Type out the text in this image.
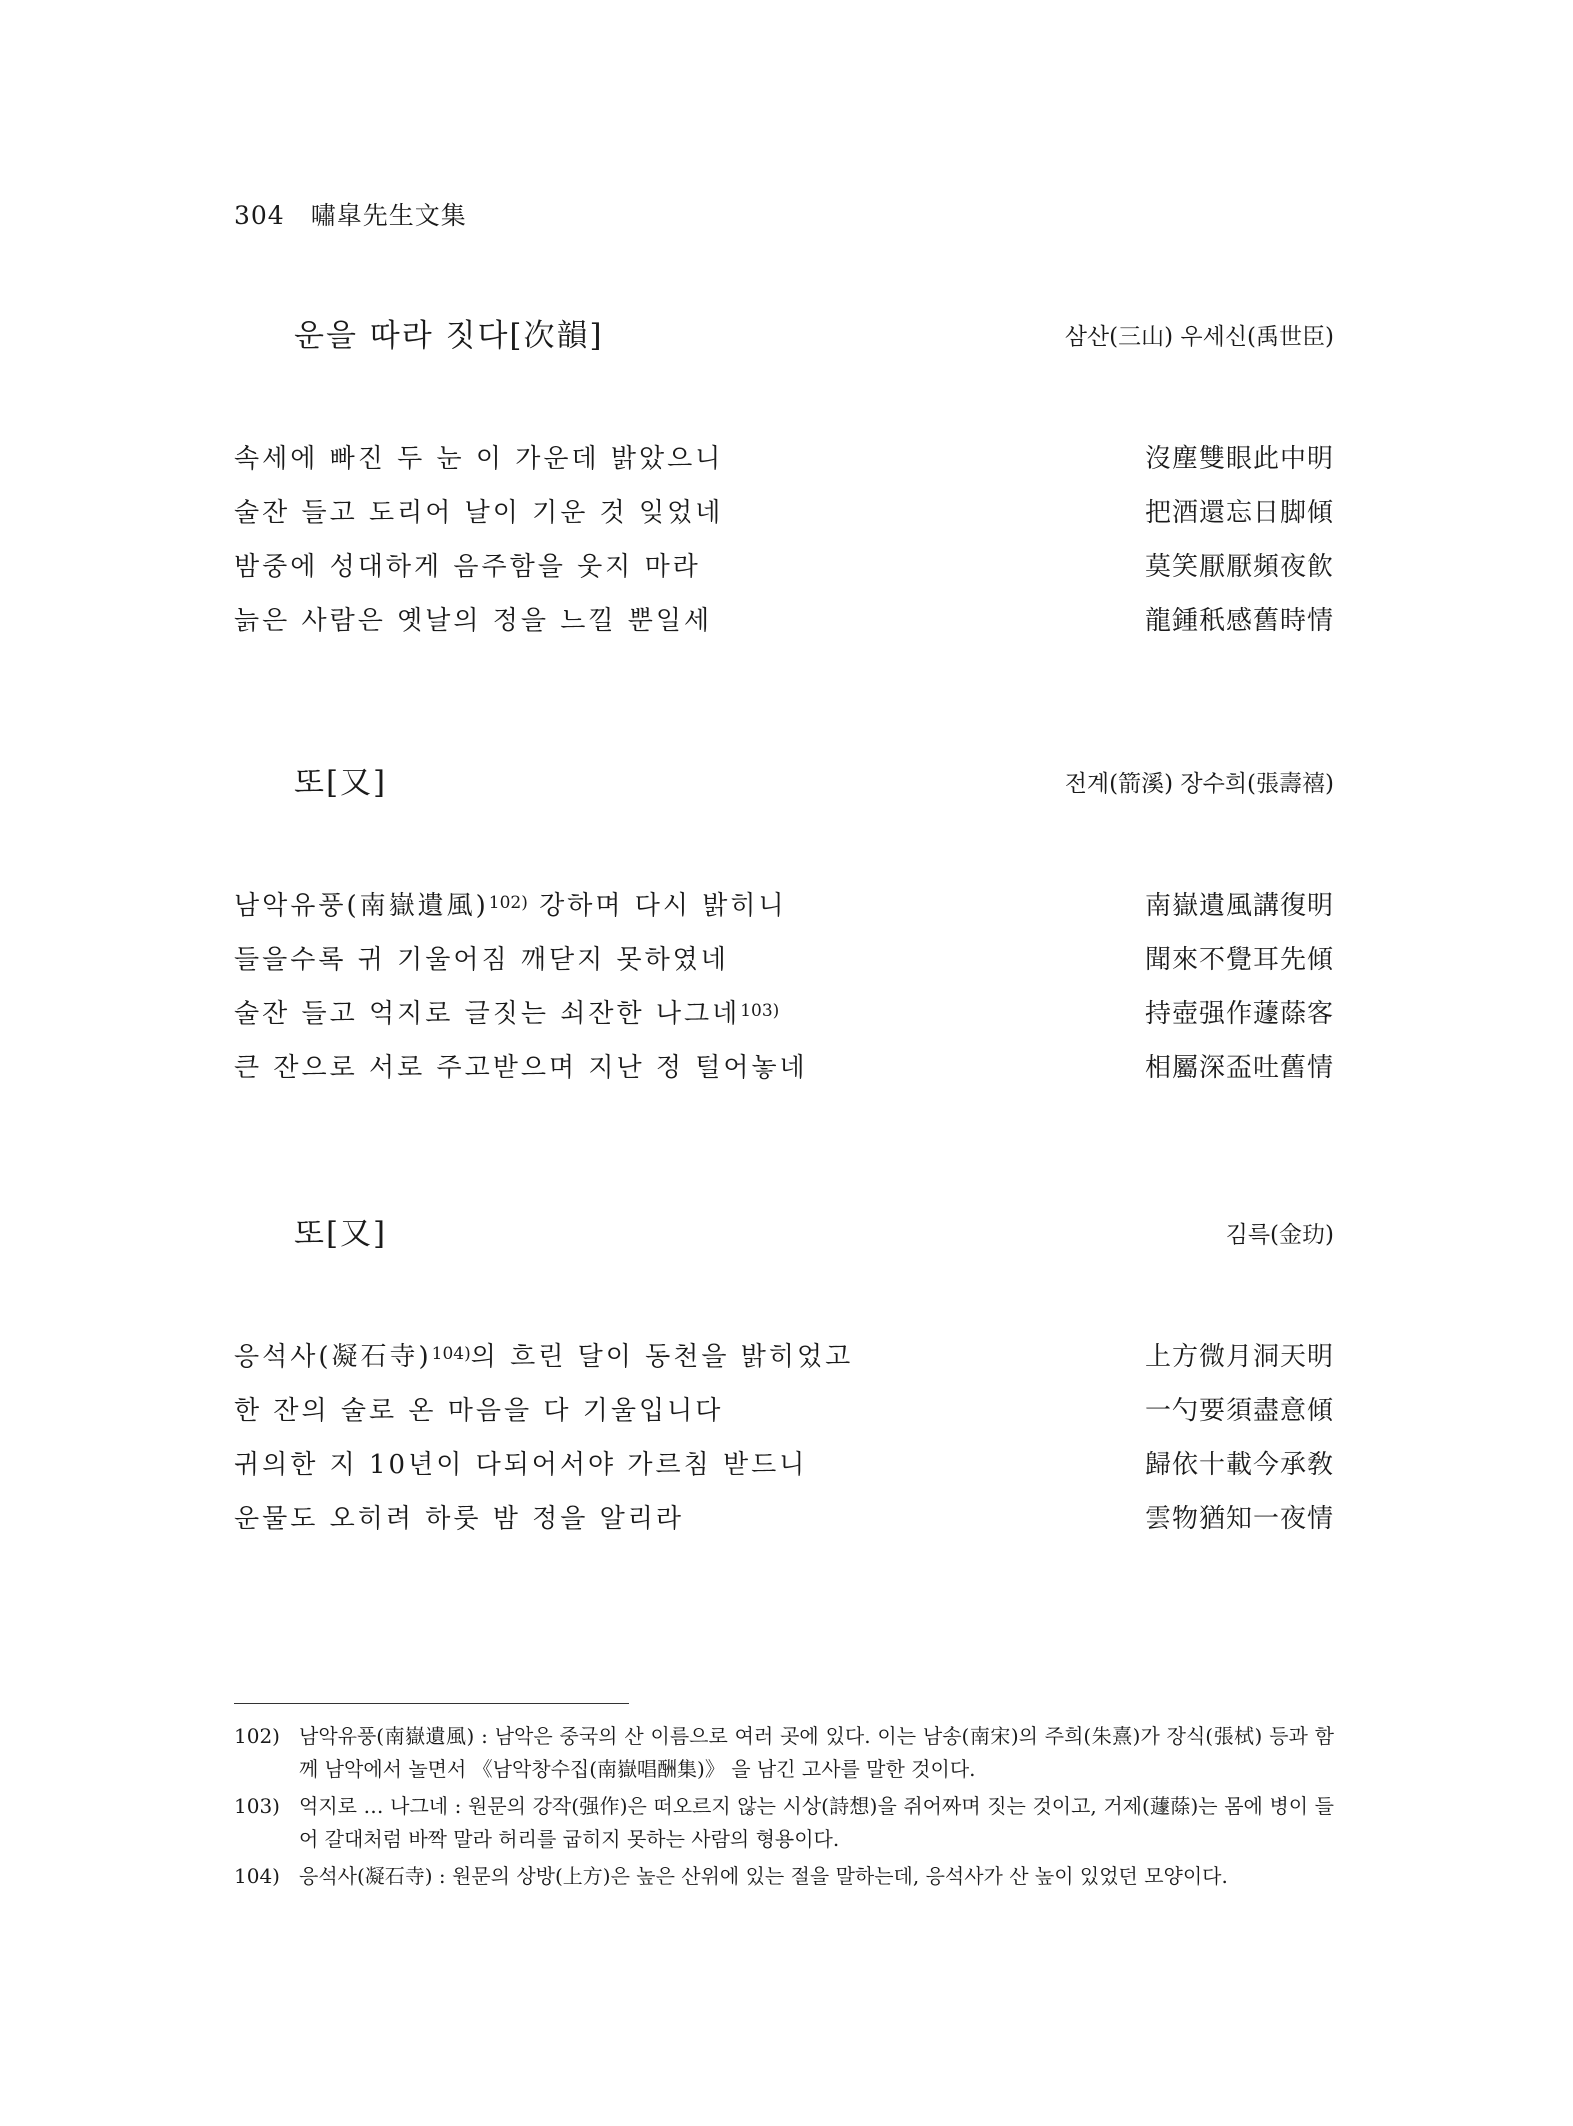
304 嘯皐先生文集
운을 따라 짓다[次韻]	삼산(三山) 우세신(禹世臣)
속세에 빠진 두 눈 이 가운데 밝았으니	沒塵雙眼此中明
술잔 들고 도리어 날이 기운 것 잊었네	把酒還忘日脚傾
밤중에 성대하게 음주함을 웃지 마라	莫笑厭厭頻夜飮
늙은 사람은 옛날의 정을 느낄 뿐일세	龍鍾秖感舊時情
또[又]	전계(箭溪) 장수희(張壽禧)
남악유풍(南嶽遺風)$^{102)}$ 강하며 다시 밝히니	南嶽遺風講復明
들을수록 귀 기울어짐 깨닫지 못하였네	聞來不覺耳先傾
술잔 들고 억지로 글짓는 쇠잔한 나그네$^{103)}$	持壺强作蘧蒢客
큰 잔으로 서로 주고받으며 지난 정 털어놓네	相屬深盃吐舊情
또[又]	김륵(金玏)
응석사(凝石寺)$^{104)}$의 흐린 달이 동천을 밝히었고	上方微月洞天明
한 잔의 술로 온 마음을 다 기울입니다	一勺要須盡意傾
귀의한 지 10년이 다되어서야 가르침 받드니	歸依十載今承敎
운물도 오히려 하룻 밤 정을 알리라	雲物猶知一夜情
102) 남악유풍(南嶽遺風) : 남악은 중국의 산 이름으로 여러 곳에 있다. 이는 남송(南宋)의 주희(朱熹)가 장식(張栻) 등과 함께 남악에서 놀면서 《남악창수집(南嶽唱酬集)》 을 남긴 고사를 말한 것이다.
103) 억지로 … 나그네 : 원문의 강작(强作)은 떠오르지 않는 시상(詩想)을 쥐어짜며 짓는 것이고, 거제(蘧蒢)는 몸에 병이 들어 갈대처럼 바짝 말라 허리를 굽히지 못하는 사람의 형용이다.
104) 응석사(凝石寺) : 원문의 상방(上方)은 높은 산위에 있는 절을 말하는데, 응석사가 산 높이 있었던 모양이다.
